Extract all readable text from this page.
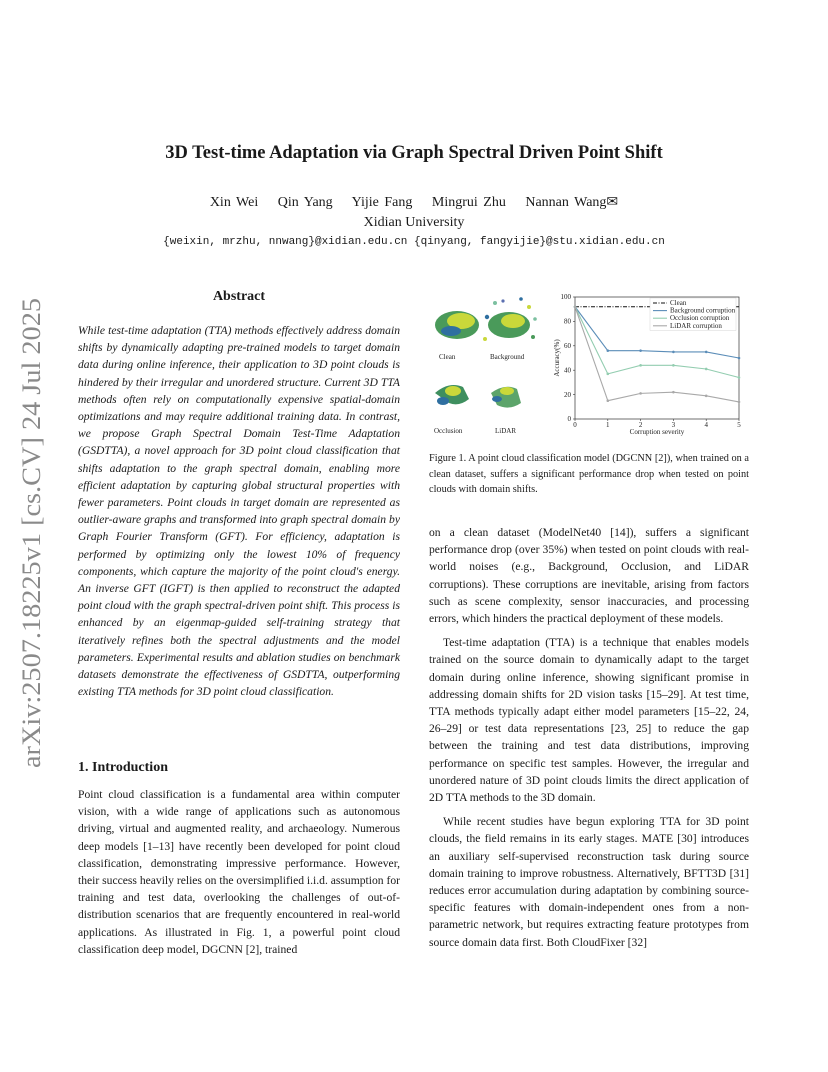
3D Test-time Adaptation via Graph Spectral Driven Point Shift
Xin Wei Qin Yang Yijie Fang Mingrui Zhu Nannan Wang✉
Xidian University
{weixin, mrzhu, nnwang}@xidian.edu.cn {qinyang, fangyijie}@stu.xidian.edu.cn
arXiv:2507.18225v1 [cs.CV] 24 Jul 2025
Abstract
While test-time adaptation (TTA) methods effectively address domain shifts by dynamically adapting pre-trained models to target domain data during online inference, their application to 3D point clouds is hindered by their irregular and unordered structure. Current 3D TTA methods often rely on computationally expensive spatial-domain optimizations and may require additional training data. In contrast, we propose Graph Spectral Domain Test-Time Adaptation (GSDTTA), a novel approach for 3D point cloud classification that shifts adaptation to the graph spectral domain, enabling more efficient adaptation by capturing global structural properties with fewer parameters. Point clouds in target domain are represented as outlier-aware graphs and transformed into graph spectral domain by Graph Fourier Transform (GFT). For efficiency, adaptation is performed by optimizing only the lowest 10% of frequency components, which capture the majority of the point cloud's energy. An inverse GFT (IGFT) is then applied to reconstruct the adapted point cloud with the graph spectral-driven point shift. This process is enhanced by an eigenmap-guided self-training strategy that iteratively refines both the spectral adjustments and the model parameters. Experimental results and ablation studies on benchmark datasets demonstrate the effectiveness of GSDTTA, outperforming existing TTA methods for 3D point cloud classification.
1. Introduction

Point cloud classification is a fundamental area within computer vision, with a wide range of applications such as autonomous driving, virtual and augmented reality, and archaeology. Numerous deep models [1–13] have recently been developed for point cloud classification, demonstrating impressive performance. However, their success heavily relies on the oversimplified i.i.d. assumption for training and test data, overlooking the challenges of out-of-distribution scenarios that are frequently encountered in real-world applications. As illustrated in Fig. 1, a powerful point cloud classification deep model, DGCNN [2], trained

Clean	Background
Occlusion	LiDAR
0
20
40
60
80
100
0	1	2	3	4	5
Corruption severity
Accuracy(%)
Clean
Background corruption
Occlusion corruption
LiDAR corruption
Figure 1. A point cloud classification model (DGCNN [2]), when trained on a clean dataset, suffers a significant performance drop when tested on point clouds with domain shifts.

on a clean dataset (ModelNet40 [14]), suffers a significant performance drop (over 35%) when tested on point clouds with real-world noises (e.g., Background, Occlusion, and LiDAR corruptions). These corruptions are inevitable, arising from factors such as scene complexity, sensor inaccuracies, and processing errors, which hinders the practical deployment of these models.

Test-time adaptation (TTA) is a technique that enables models trained on the source domain to dynamically adapt to the target domain during online inference, showing significant promise in addressing domain shifts for 2D vision tasks [15–29]. At test time, TTA methods typically adapt either model parameters [15–22, 24, 26–29] or test data representations [23, 25] to reduce the gap between the training and test data distributions, improving performance on specific test samples. However, the irregular and unordered nature of 3D point clouds limits the direct application of 2D TTA methods to the 3D domain.

While recent studies have begun exploring TTA for 3D point clouds, the field remains in its early stages. MATE [30] introduces an auxiliary self-supervised reconstruction task during source domain training to improve robustness. Alternatively, BFTT3D [31] reduces error accumulation during adaptation by combining source-specific features with domain-independent ones from a non-parametric network, but requires extracting feature prototypes from source domain data first. Both CloudFixer [32]
